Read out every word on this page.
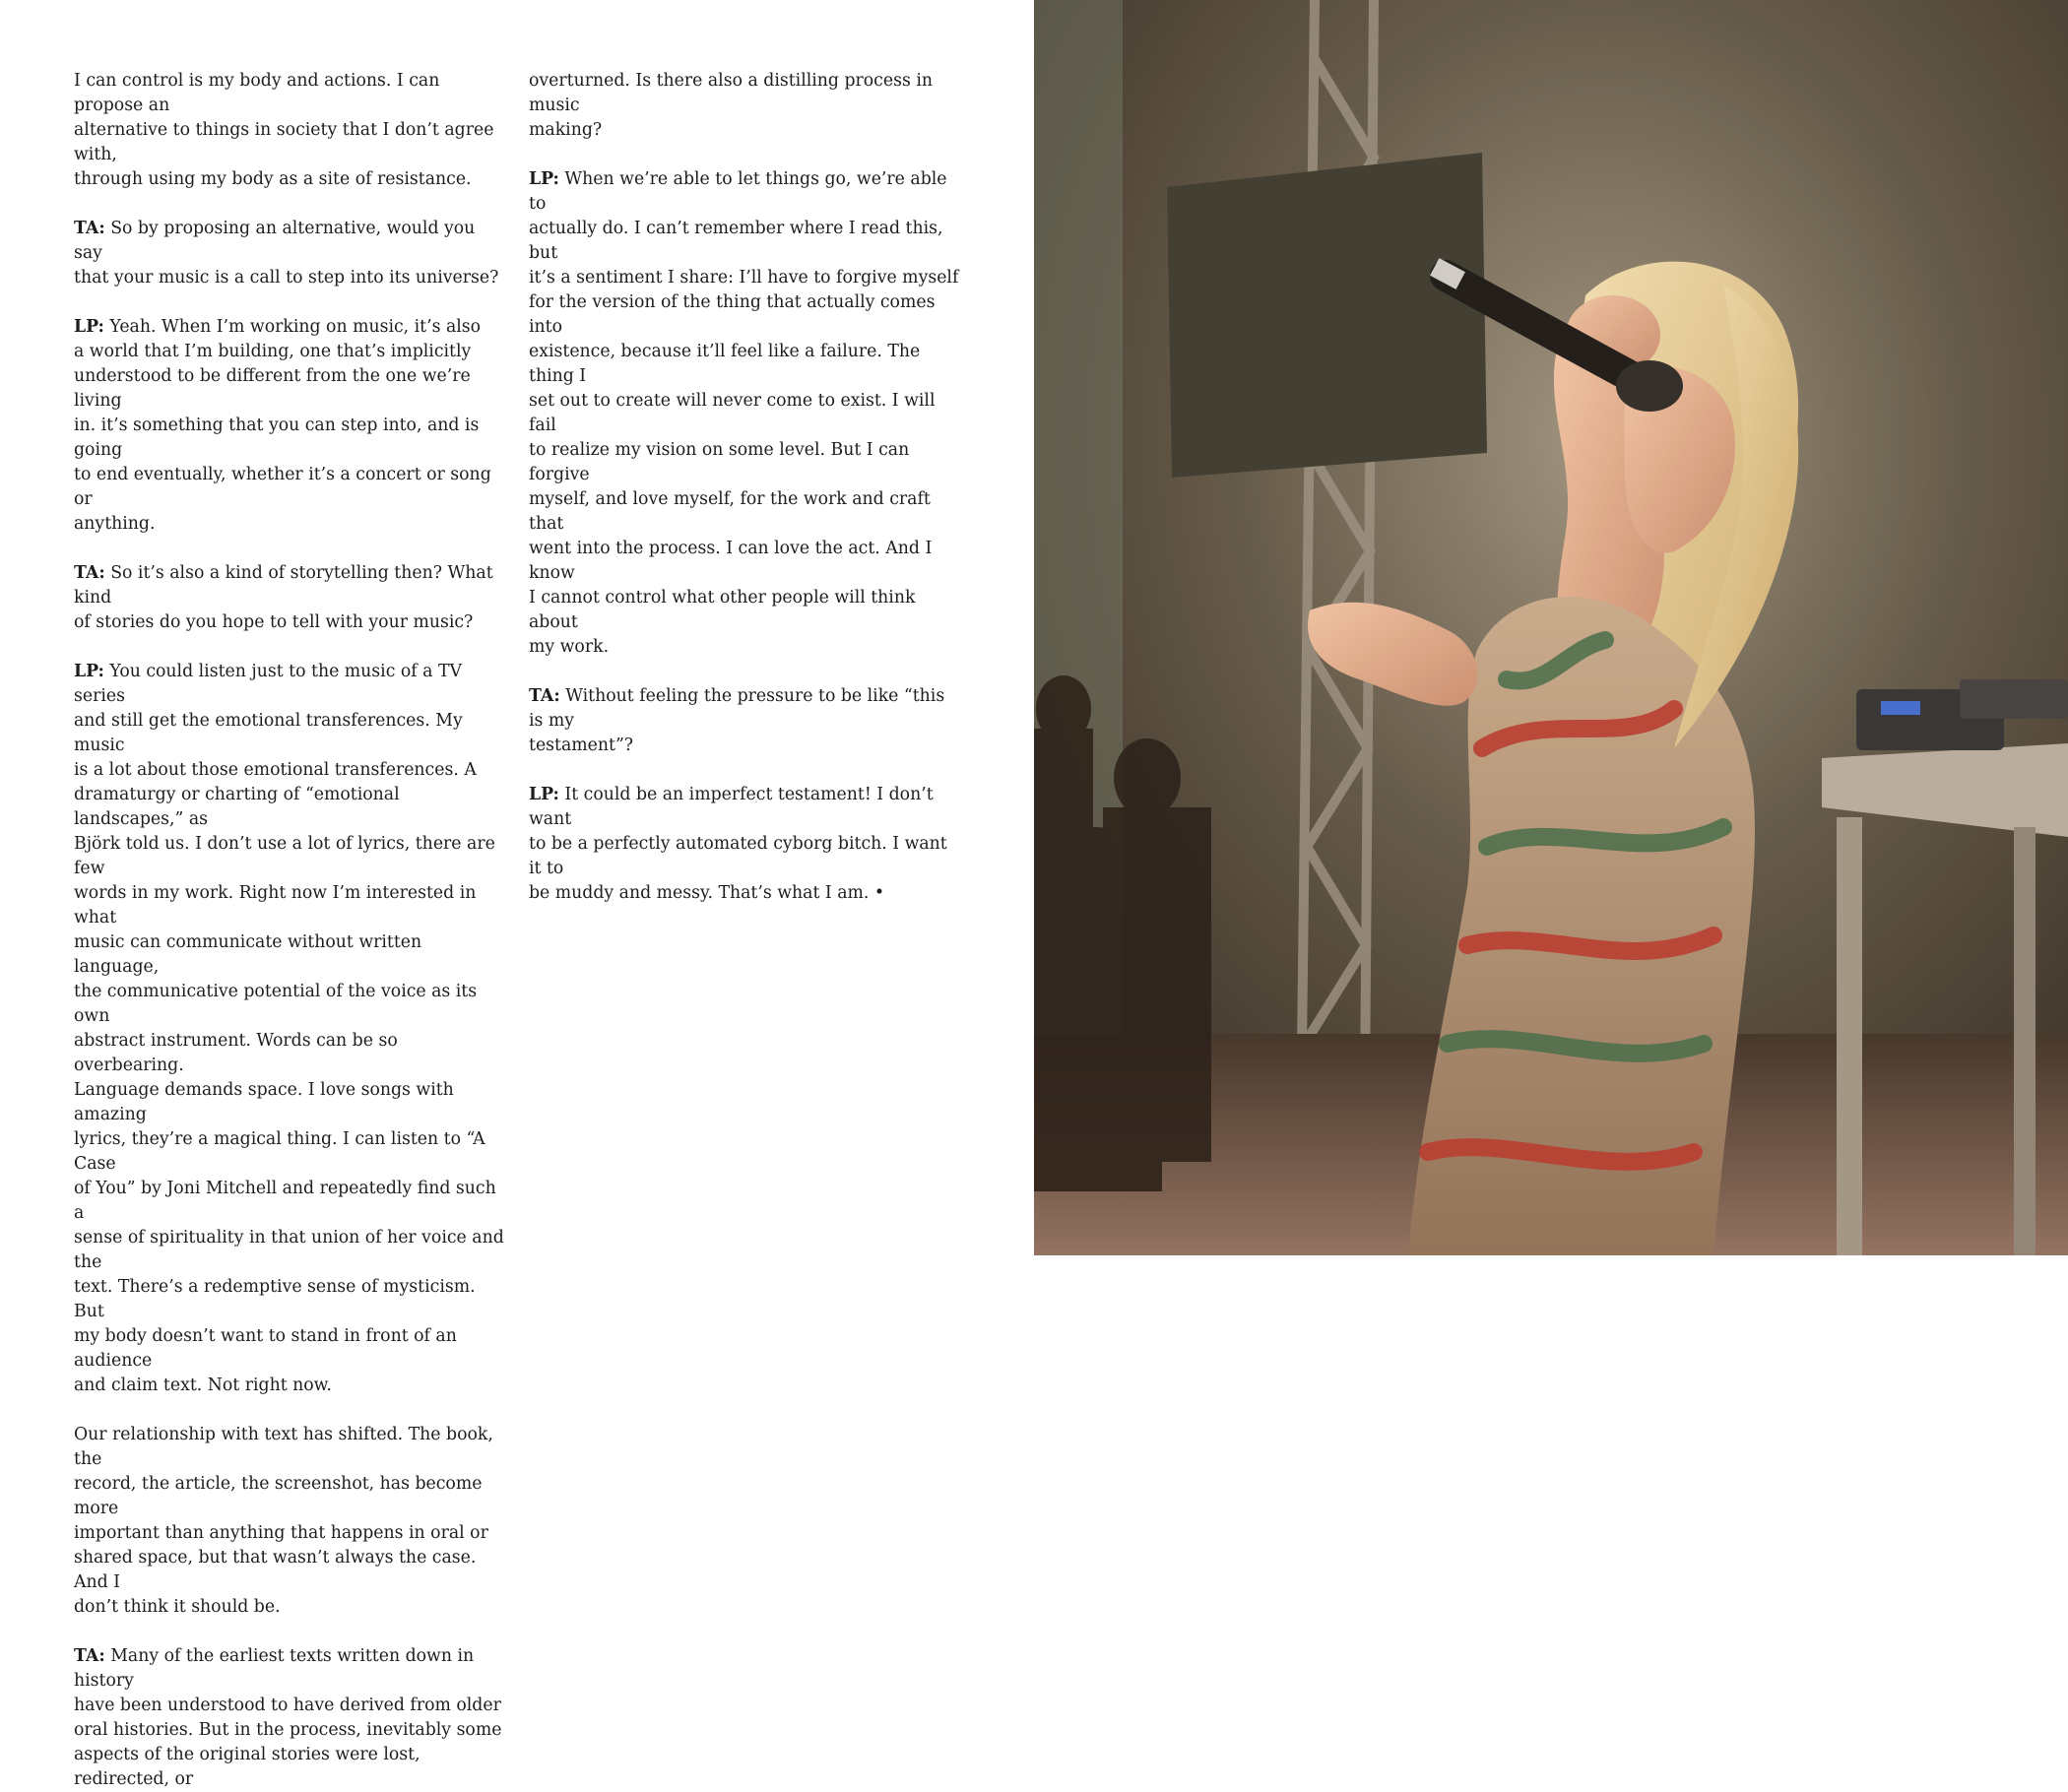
I can control is my body and actions. I can propose an
alternative to things in society that I don’t agree with,
through using my body as a site of resistance.

TA: So by proposing an alternative, would you say
that your music is a call to step into its universe?

LP: Yeah. When I’m working on music, it’s also
a world that I’m building, one that’s implicitly
understood to be different from the one we’re living
in. it’s something that you can step into, and is going
to end eventually, whether it’s a concert or song or
anything.

TA: So it’s also a kind of storytelling then? What kind
of stories do you hope to tell with your music?

LP: You could listen just to the music of a TV series
and still get the emotional transferences. My music
is a lot about those emotional transferences. A
dramaturgy or charting of “emotional landscapes,” as
Björk told us. I don’t use a lot of lyrics, there are few
words in my work. Right now I’m interested in what
music can communicate without written language,
the communicative potential of the voice as its own
abstract instrument. Words can be so overbearing.
Language demands space. I love songs with amazing
lyrics, they’re a magical thing. I can listen to “A Case
of You” by Joni Mitchell and repeatedly find such a
sense of spirituality in that union of her voice and the
text. There’s a redemptive sense of mysticism. But
my body doesn’t want to stand in front of an audience
and claim text. Not right now.

Our relationship with text has shifted. The book, the
record, the article, the screenshot, has become more
important than anything that happens in oral or
shared space, but that wasn’t always the case. And I
don’t think it should be.

TA: Many of the earliest texts written down in history
have been understood to have derived from older
oral histories. But in the process, inevitably some
aspects of the original stories were lost, redirected, or

overturned. Is there also a distilling process in music
making?

LP: When we’re able to let things go, we’re able to
actually do. I can’t remember where I read this, but
it’s a sentiment I share: I’ll have to forgive myself
for the version of the thing that actually comes into
existence, because it’ll feel like a failure. The thing I
set out to create will never come to exist. I will fail
to realize my vision on some level. But I can forgive
myself, and love myself, for the work and craft that
went into the process. I can love the act. And I know
I cannot control what other people will think about
my work.

TA: Without feeling the pressure to be like “this is my
testament”?

LP: It could be an imperfect testament! I don’t want
to be a perfectly automated cyborg bitch. I want it to
be muddy and messy. That’s what I am. •
